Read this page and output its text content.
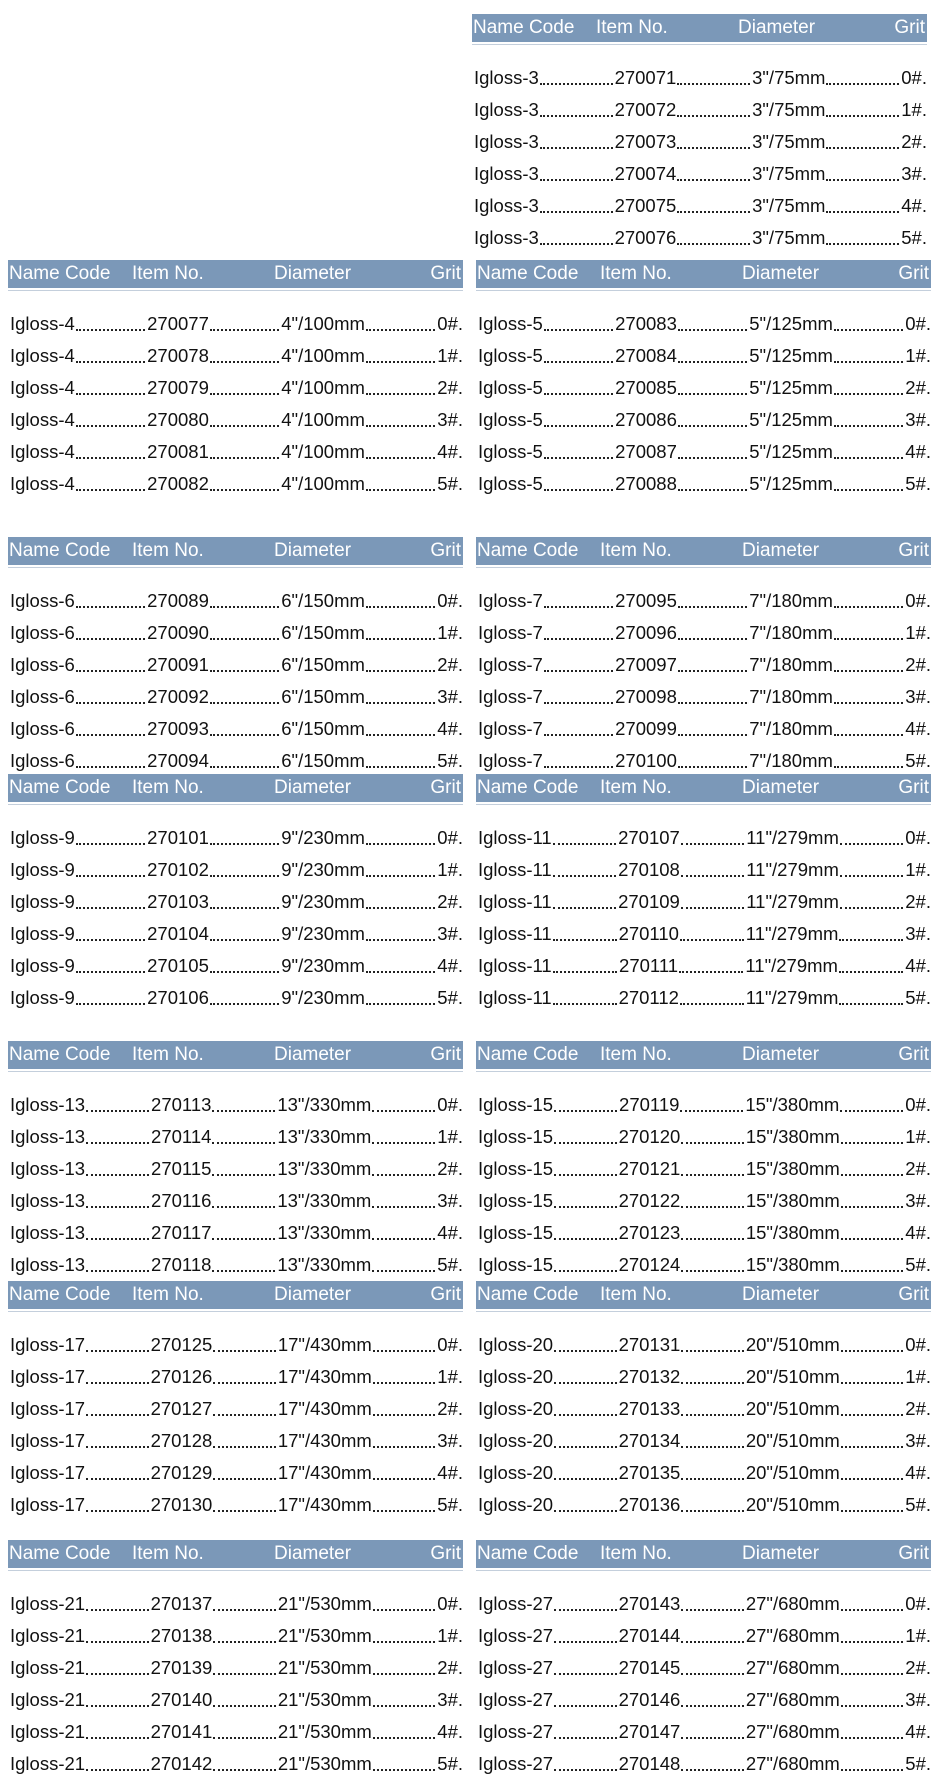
Name Code Item No.	Diameter	Grit
Igloss-3	270071	3"/75mm	0#.
Igloss-3	270072	3"/75mm	1#.
Igloss-3	270073	3"/75mm	2#.
Igloss-3	270074	3"/75mm	3#.
Igloss-3	270075	3"/75mm	4#.
Igloss-3	270076	3"/75mm	5#.
Name Code Item No.	Diameter	Grit
Igloss-4	270077	4"/100mm	0#.
Igloss-4	270078	4"/100mm	1#.
Igloss-4	270079	4"/100mm	2#.
Igloss-4	270080	4"/100mm	3#.
Igloss-4	270081	4"/100mm	4#.
Igloss-4	270082	4"/100mm	5#.
Name Code Item No.	Diameter	Grit
Igloss-5	270083	5"/125mm	0#.
Igloss-5	270084	5"/125mm	1#.
Igloss-5	270085	5"/125mm	2#.
Igloss-5	270086	5"/125mm	3#.
Igloss-5	270087	5"/125mm	4#.
Igloss-5	270088	5"/125mm	5#.
Name Code Item No.	Diameter	Grit
Igloss-6	270089	6"/150mm	0#.
Igloss-6	270090	6"/150mm	1#.
Igloss-6	270091	6"/150mm	2#.
Igloss-6	270092	6"/150mm	3#.
Igloss-6	270093	6"/150mm	4#.
Igloss-6	270094	6"/150mm	5#.
Name Code Item No.	Diameter	Grit
Igloss-7	270095	7"/180mm	0#.
Igloss-7	270096	7"/180mm	1#.
Igloss-7	270097	7"/180mm	2#.
Igloss-7	270098	7"/180mm	3#.
Igloss-7	270099	7"/180mm	4#.
Igloss-7	270100	7"/180mm	5#.
Name Code Item No.	Diameter	Grit
Igloss-9	270101	9"/230mm	0#.
Igloss-9	270102	9"/230mm	1#.
Igloss-9	270103	9"/230mm	2#.
Igloss-9	270104	9"/230mm	3#.
Igloss-9	270105	9"/230mm	4#.
Igloss-9	270106	9"/230mm	5#.
Name Code Item No.	Diameter	Grit
Igloss-11	270107	11"/279mm	0#.
Igloss-11	270108	11"/279mm	1#.
Igloss-11	270109	11"/279mm	2#.
Igloss-11	270110	11"/279mm	3#.
Igloss-11	270111	11"/279mm	4#.
Igloss-11	270112	11"/279mm	5#.
Name Code Item No.	Diameter	Grit
Igloss-13	270113	13"/330mm	0#.
Igloss-13	270114	13"/330mm	1#.
Igloss-13	270115	13"/330mm	2#.
Igloss-13	270116	13"/330mm	3#.
Igloss-13	270117	13"/330mm	4#.
Igloss-13	270118	13"/330mm	5#.
Name Code Item No.	Diameter	Grit
Igloss-15	270119	15"/380mm	0#.
Igloss-15	270120	15"/380mm	1#.
Igloss-15	270121	15"/380mm	2#.
Igloss-15	270122	15"/380mm	3#.
Igloss-15	270123	15"/380mm	4#.
Igloss-15	270124	15"/380mm	5#.
Name Code Item No.	Diameter	Grit
Igloss-17	270125	17"/430mm	0#.
Igloss-17	270126	17"/430mm	1#.
Igloss-17	270127	17"/430mm	2#.
Igloss-17	270128	17"/430mm	3#.
Igloss-17	270129	17"/430mm	4#.
Igloss-17	270130	17"/430mm	5#.
Name Code Item No.	Diameter	Grit
Igloss-20	270131	20"/510mm	0#.
Igloss-20	270132	20"/510mm	1#.
Igloss-20	270133	20"/510mm	2#.
Igloss-20	270134	20"/510mm	3#.
Igloss-20	270135	20"/510mm	4#.
Igloss-20	270136	20"/510mm	5#.
Name Code Item No.	Diameter	Grit
Igloss-21	270137	21"/530mm	0#.
Igloss-21	270138	21"/530mm	1#.
Igloss-21	270139	21"/530mm	2#.
Igloss-21	270140	21"/530mm	3#.
Igloss-21	270141	21"/530mm	4#.
Igloss-21	270142	21"/530mm	5#.
Name Code Item No.	Diameter	Grit
Igloss-27	270143	27"/680mm	0#.
Igloss-27	270144	27"/680mm	1#.
Igloss-27	270145	27"/680mm	2#.
Igloss-27	270146	27"/680mm	3#.
Igloss-27	270147	27"/680mm	4#.
Igloss-27	270148	27"/680mm	5#.
